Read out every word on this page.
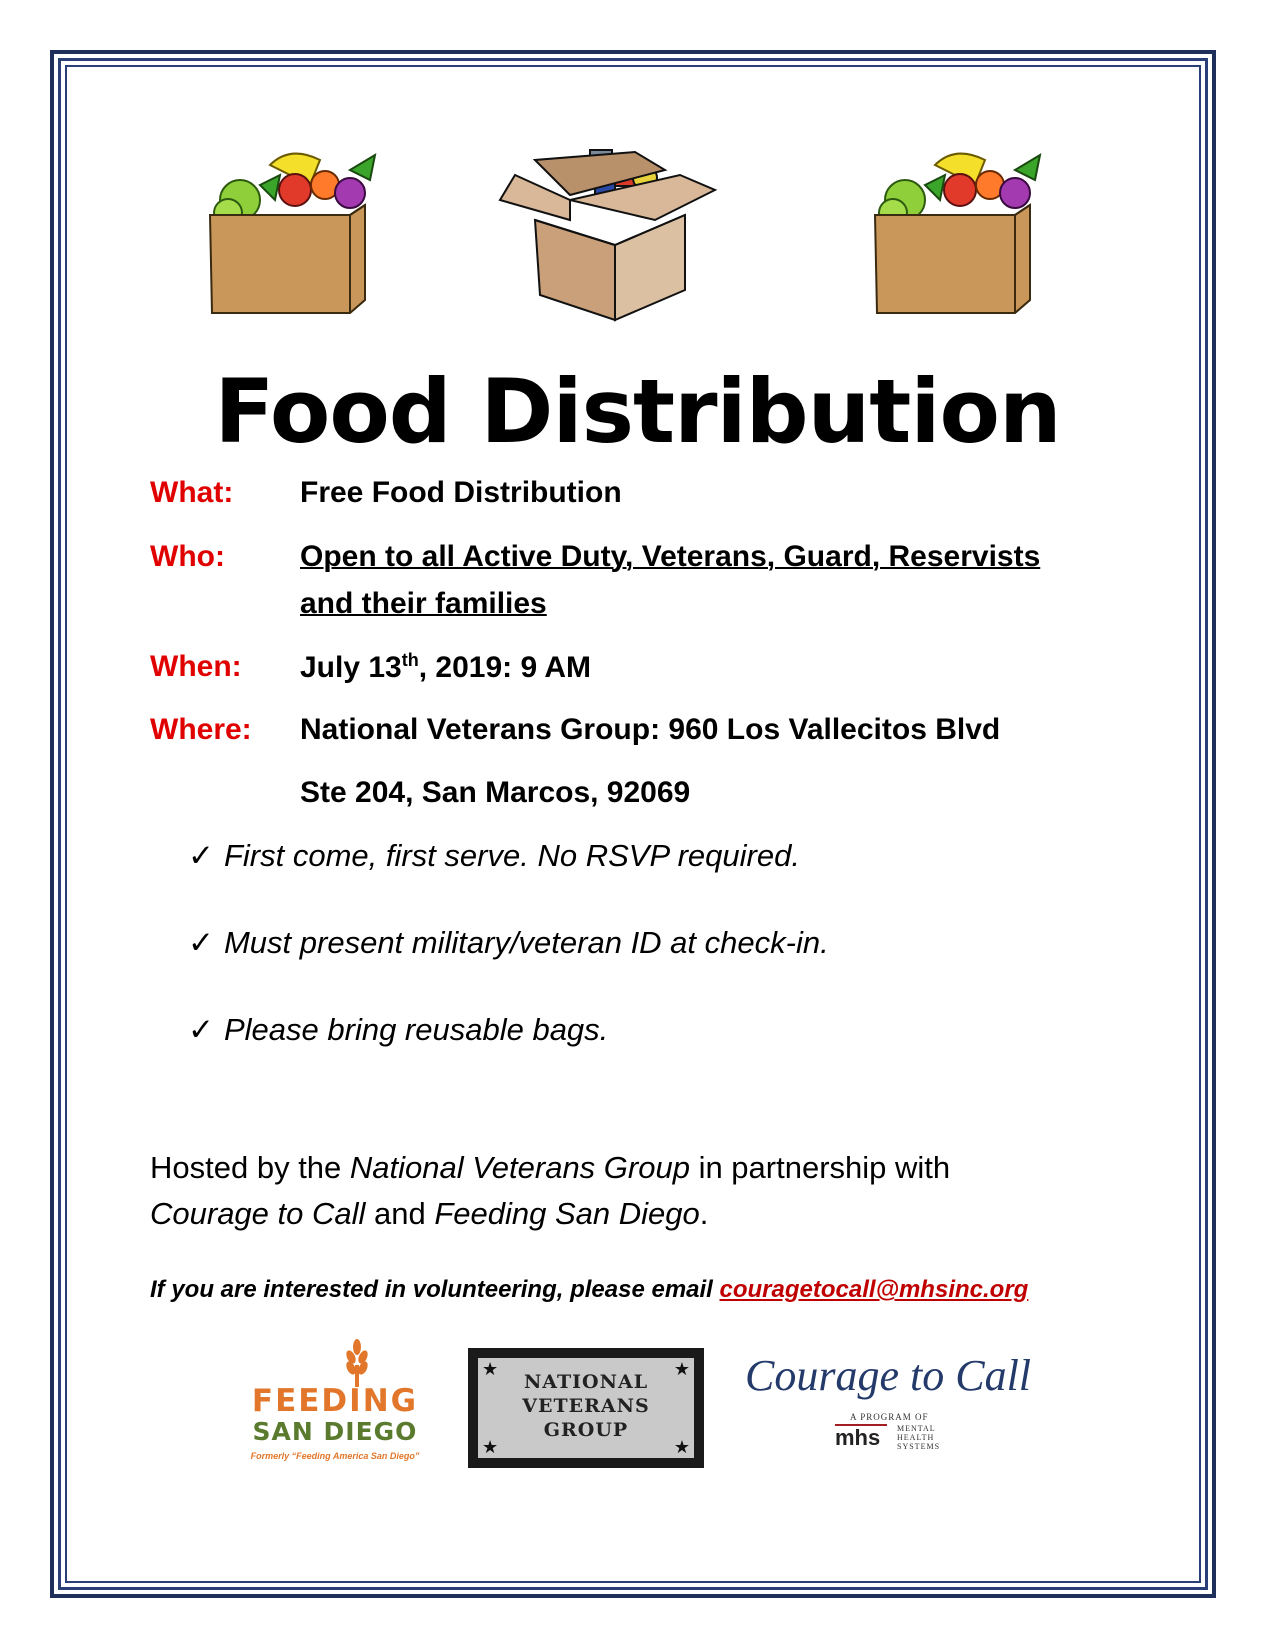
Food Distribution
What: Free Food Distribution
Who:	Open to all Active Duty, Veterans, Guard, Reservists
and their families
When: July 13th, 2019: 9 AM
Where: National Veterans Group: 960 Los Vallecitos Blvd
Ste 204, San Marcos, 92069
✓ First come, first serve. No RSVP required.
✓ Must present military/veteran ID at check-in.
✓ Please bring reusable bags.
Hosted by the National Veterans Group in partnership with
Courage to Call and Feeding San Diego.
If you are interested in volunteering, please email couragetocall@mhsinc.org
FEEDING
SAN DIEGO
Formerly “Feeding America San Diego”
★	★
★	★
NATIONAL
VETERANS
GROUP
Courage to Call
A PROGRAM OF
mhs MENTAL
HEALTH
SYSTEMS
